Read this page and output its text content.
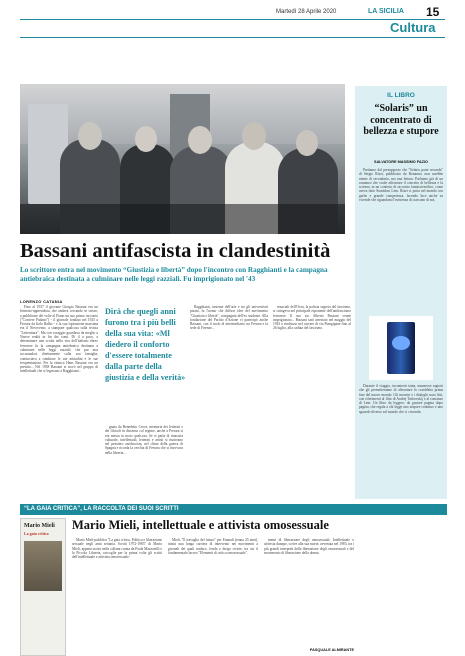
Martedì 28 Aprile 2020	LA SICILIA 15
Cultura
Bassani antifascista in clandestinità
Lo scrittore entra nel movimento “Giustizia e libertà” dopo l'incontro con Ragghianti e la campagna antiebraica destinata a culminare nelle leggi razziali. Fu imprigionato nel '43
LORENZO CATANIA

Fino al 1937 il giovane Giorgio Bassani era un letterato-apprendista, che andava cercando se stesso, a pubblicare dei volte al Fiano un suo primo racconto ("Corriere Padano") - il giornale fondato nel 1925 a Ferrara da Italo Balbo - e la sua ispirazione massima era il Novecento, a stampare qualcosa sulla rivista "Letteratura". Ma con coraggio guardava da meglio a Nuove realtà in fin dei conti. Di il a poco, a determinare una svolta nella vita dell'italiano ebreo ferrarese fu la campagna antiebraica destinata a culminare nelle leggi razziali, che pur non accusandosi direttamente sulla sua famiglia, cominciava a cambiare le sue attitudini e le sue frequentazioni. Per la ritmica Hans Bassani era un prestito... Nel 1938 Bassani si trovò nel gruppo di intellettuali che si legavano a Ragghianti...

Dirà che quegli anni furono tra i più belli della sua vita: «Ml diedero il conforto d'essere totalmente dalla parte della giustizia e della verità»

gnata da Benedetto Croce, memoria dei letterati e dei filosofi in dissenso col regime, anche a Ferrara si era messa in moto qualcosa. Se si parla di rinascita culturale, intellettuali, letterati e artisti si riunivano nel pensiero antifascista, nel clima della guerra di Spagna e ricorda la cerchia di Ferrara che si ritrovava nella libreria...

Ragghianti, insieme dell'arte e tra gli universitari pisani, fu l'uomo che diffuse idee del movimento "Giustizia e libertà", compagnia dell'ex studente. Alla fondazione del Partito d'Azione vi partecipò anche Bassani, con il ruolo di intermediario tra Ferrara e la sede di Firenze...

tenaciali dell'Ovra, la polizia segreta del fascismo, si stringeva nel principale esponente dell'antifascismo ferrarese. Il suo zio Alberto Bassani venne imprigionato... Bassani sarà arrestato nel maggio del 1943 e rinchiuso nel carcere di via Piangipane fino al 26 luglio, alla caduta del fascismo.

IL LIBRO
“Solaris” un concentrato di bellezza e stupore
SALVATORE MASSIMO FAZIO

Partiamo dal presupposto che "Solaris parte seconda" di Sergio Rizzi, pubblicato da Bonanno, non sarebbe niente di secondario, ma una lettura. Parliamo già di un romanzo che vuole affrontare il concetto di bellezza e la scienza, in un contesto di racconto fantascientifico, come aveva fatto Stanisław Lem. Rizzi ci porta nel mondo con garbo e grande competenza, facendo luce anche su vicende che riguardano l'esistenza di ciascuno di noi.

Durante il viaggio, incontrerà tanta, numerose ragioni che gli permetteranno di affrontare la cosiddetta prima fase del nuovo mondo. Gli incontri e i dialoghi sono fitti, con riferimenti al film di Andrej Tarkovskij e al romanzo di Lem. Un libro da leggere, da gustare pagina dopo pagina, che regala a chi legge uno stupore continuo e uno sguardo diverso sul mondo che ci circonda.

“LA GAIA CRITICA”, LA RACCOLTA DEI SUOI SCRITTI
Mario Mieli
La gaia critica
Mario Mieli, intellettuale e attivista omosessuale

Mario Mieli pubblica "La gaia critica. Politica e liberazione sessuale negli anni settanta. Scritti 1972-1983" di Mario Mieli, appena uscito nella collana curata da Paola Mazzarelli e la Piccola Libreria, raccoglie per la prima volta gli scritti dell'intellettuale e attivista omosessuale.

Mieli, "Il travaglio del futuro" per Einaudi (erano 25 anni), inizia una lunga carriera di intervento nei movimenti a giornali dei quali traduce, fonda e dirige riviste, tra cui il fondamentale lavoro "Elementi di critica omosessuale".

menti di liberazione degli omosessuali. Intellettuale e attivista dunque, scrive alla sua morte, avvenuta nel 1983, tra i più grandi interpreti della liberazione degli omosessuali e del movimento di liberazione della donna.

PASQUALE ALMIRANTE
